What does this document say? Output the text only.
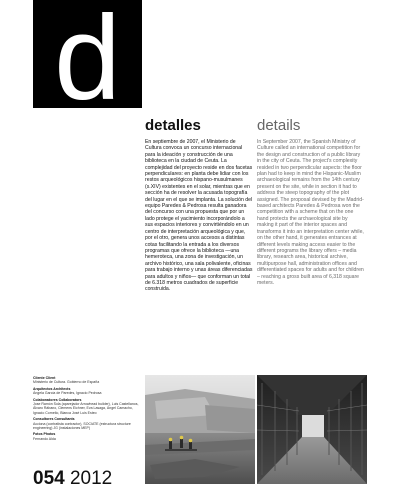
d
detalles	details

En septiembre de 2007, el Ministerio de Cultura convoca un concurso internacional para la ideación y construcción de una biblioteca en la ciudad de Ceuta. La complejidad del proyecto reside en dos facetas perpendiculares: en planta debe lidiar con los restos arqueológicos hispano-musulmanes (s.XIV) existentes en el solar, mientras que en sección ha de resolver la acusada topografía del lugar en el que se implanta. La solución del equipo Paredes & Pedrosa resulta ganadora del concurso con una propuesta que por un lado protege el yacimiento incorporándolo a sus espacios interiores y convirtiéndolo en un centro de interpretación arqueológica y que, por el otro, genera unos accesos a distintas cotas facilitando la entrada a los diversos programas que ofrece la biblioteca —una hemeroteca, una zona de investigación, un archivo histórico, una sala polivalente, oficinas para trabajo interno y unas áreas diferenciadas para adultos y niños— que conforman un total de 6.318 metros cuadrados de superficie construida.

In September 2007, the Spanish Ministry of Culture called an international competition for the design and construction of a public library in the city of Ceuta. The project's complexity resided in two perpendicular aspects: the floor plan had to keep in mind the Hispanic-Muslim archaeological remains from the 14th century present on the site, while in section it had to address the steep topography of the plot assigned. The proposal devised by the Madrid-based architects Paredes & Pedrosa won the competition with a scheme that on the one hand protects the archaeological site by making it part of the interior spaces and transforms it into an interpretation center while, on the other hand, it generates entrances at different levels making access easier to the different programs the library offers – media library, research area, historical archive, multipurpose hall, administration offices and differentiated spaces for adults and for children – reaching a gross built area of 6,318 square meters.

Cliente Client
Ministerio de Cultura. Gobierno de España
Arquitectos Architects
Ángela García de Paredes, Ignacio Pedrosa
Colaboradores Collaborators
Jose Ramón Sola (aparejador Arrowhead builder), Luis Castellanos, Álvaro Rábano, Clemens Eichner, Eva Lasaga, Ángel Camacho, Ignacio Cornelio, Blanca José Luis Esteo
Consultores Consultants
Acciona (contratista contractor), SOCIATE (estructura structure engineering) JG (instalaciones MEP)
Fotos Photos
Fernando Alda
054 2012
